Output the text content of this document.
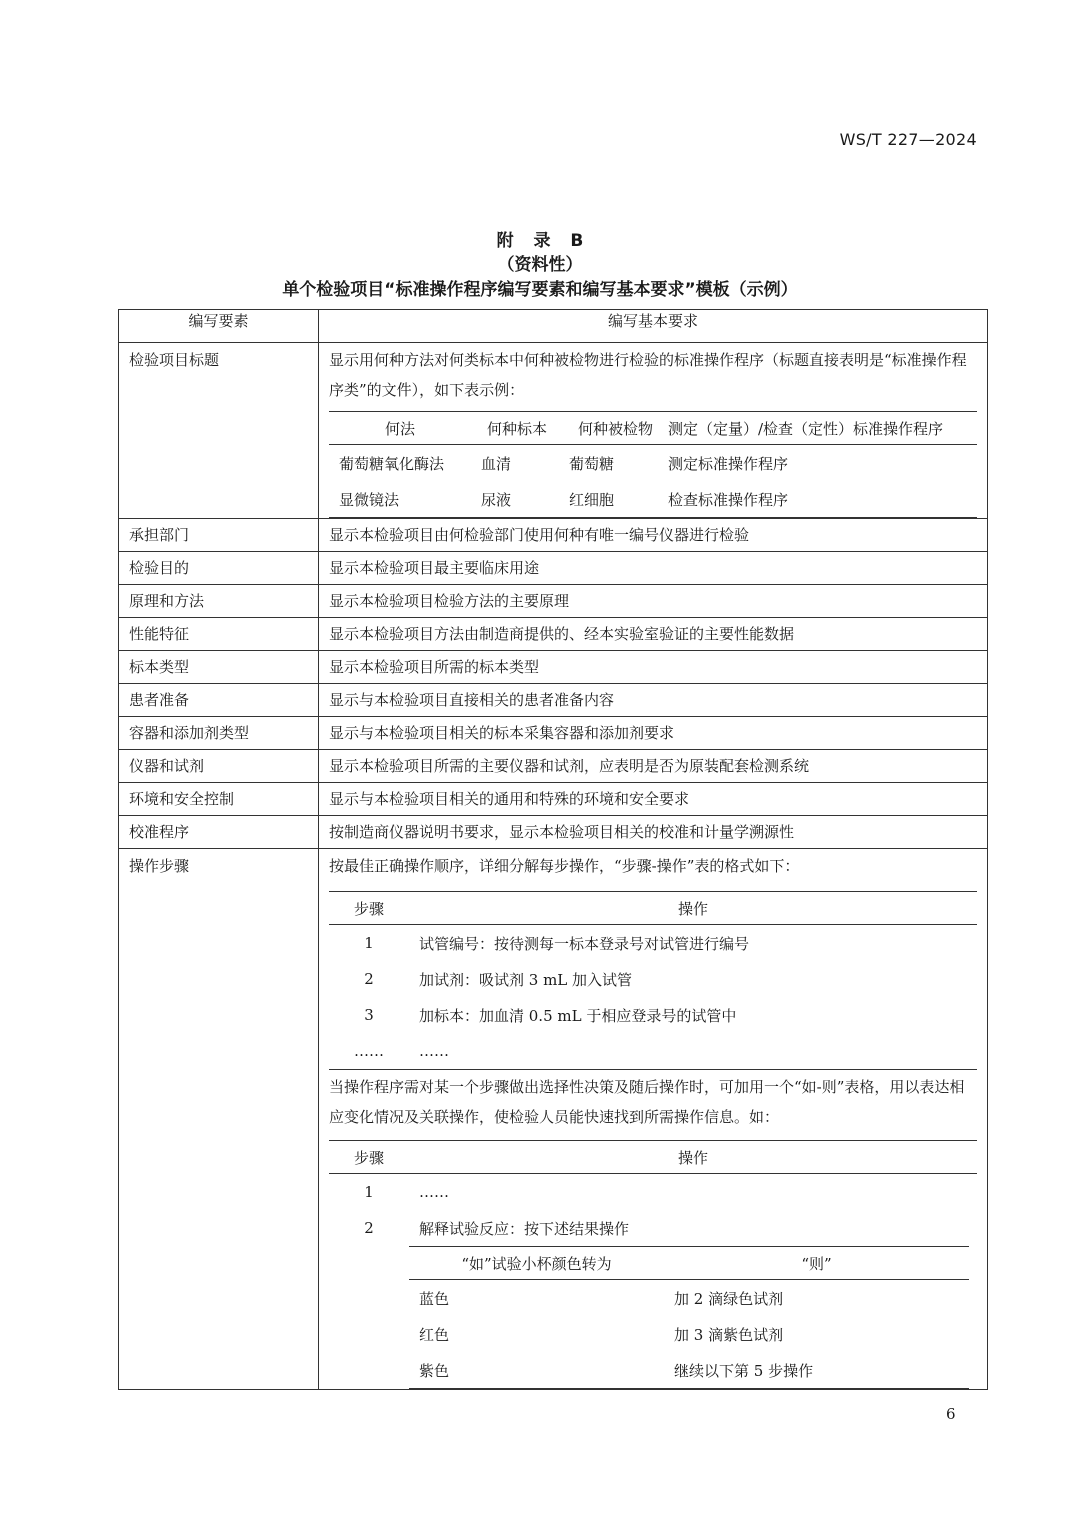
WS/T 227—2024
附 录 B
（资料性）
单个检验项目“标准操作程序编写要素和编写基本要求”模板（示例）
编写要素	编写基本要求

检验项目标题	显示用何种方法对何类标本中何种被检物进行检验的标准操作程序（标题直接表明是“标准操作程序类”的文件），如下表示例：
何法	何种标本	何种被检物	测定（定量）/检查（定性）标准操作程序
葡萄糖氧化酶法	血清	葡萄糖	测定标准操作程序
显微镜法	尿液	红细胞	检查标准操作程序

承担部门	显示本检验项目由何检验部门使用何种有唯一编号仪器进行检验
检验目的	显示本检验项目最主要临床用途
原理和方法	显示本检验项目检验方法的主要原理
性能特征	显示本检验项目方法由制造商提供的、经本实验室验证的主要性能数据
标本类型	显示本检验项目所需的标本类型
患者准备	显示与本检验项目直接相关的患者准备内容
容器和添加剂类型	显示与本检验项目相关的标本采集容器和添加剂要求
仪器和试剂	显示本检验项目所需的主要仪器和试剂，应表明是否为原装配套检测系统
环境和安全控制	显示与本检验项目相关的通用和特殊的环境和安全要求
校准程序	按制造商仪器说明书要求，显示本检验项目相关的校准和计量学溯源性

操作步骤	按最佳正确操作顺序，详细分解每步操作，“步骤-操作”表的格式如下：
步骤	操作
1	试管编号：按待测每一标本登录号对试管进行编号
2	加试剂：吸试剂 3 mL 加入试管
3	加标本：加血清 0.5 mL 于相应登录号的试管中
……	……
当操作程序需对某一个步骤做出选择性决策及随后操作时，可加用一个“如-则”表格，用以表达相应变化情况及关联操作，使检验人员能快速找到所需操作信息。如：
步骤	操作
1	……
2	解释试验反应：按下述结果操作

“如”试验小杯颜色转为	“则”
蓝色	加 2 滴绿色试剂
红色	加 3 滴紫色试剂
紫色	继续以下第 5 步操作
6
